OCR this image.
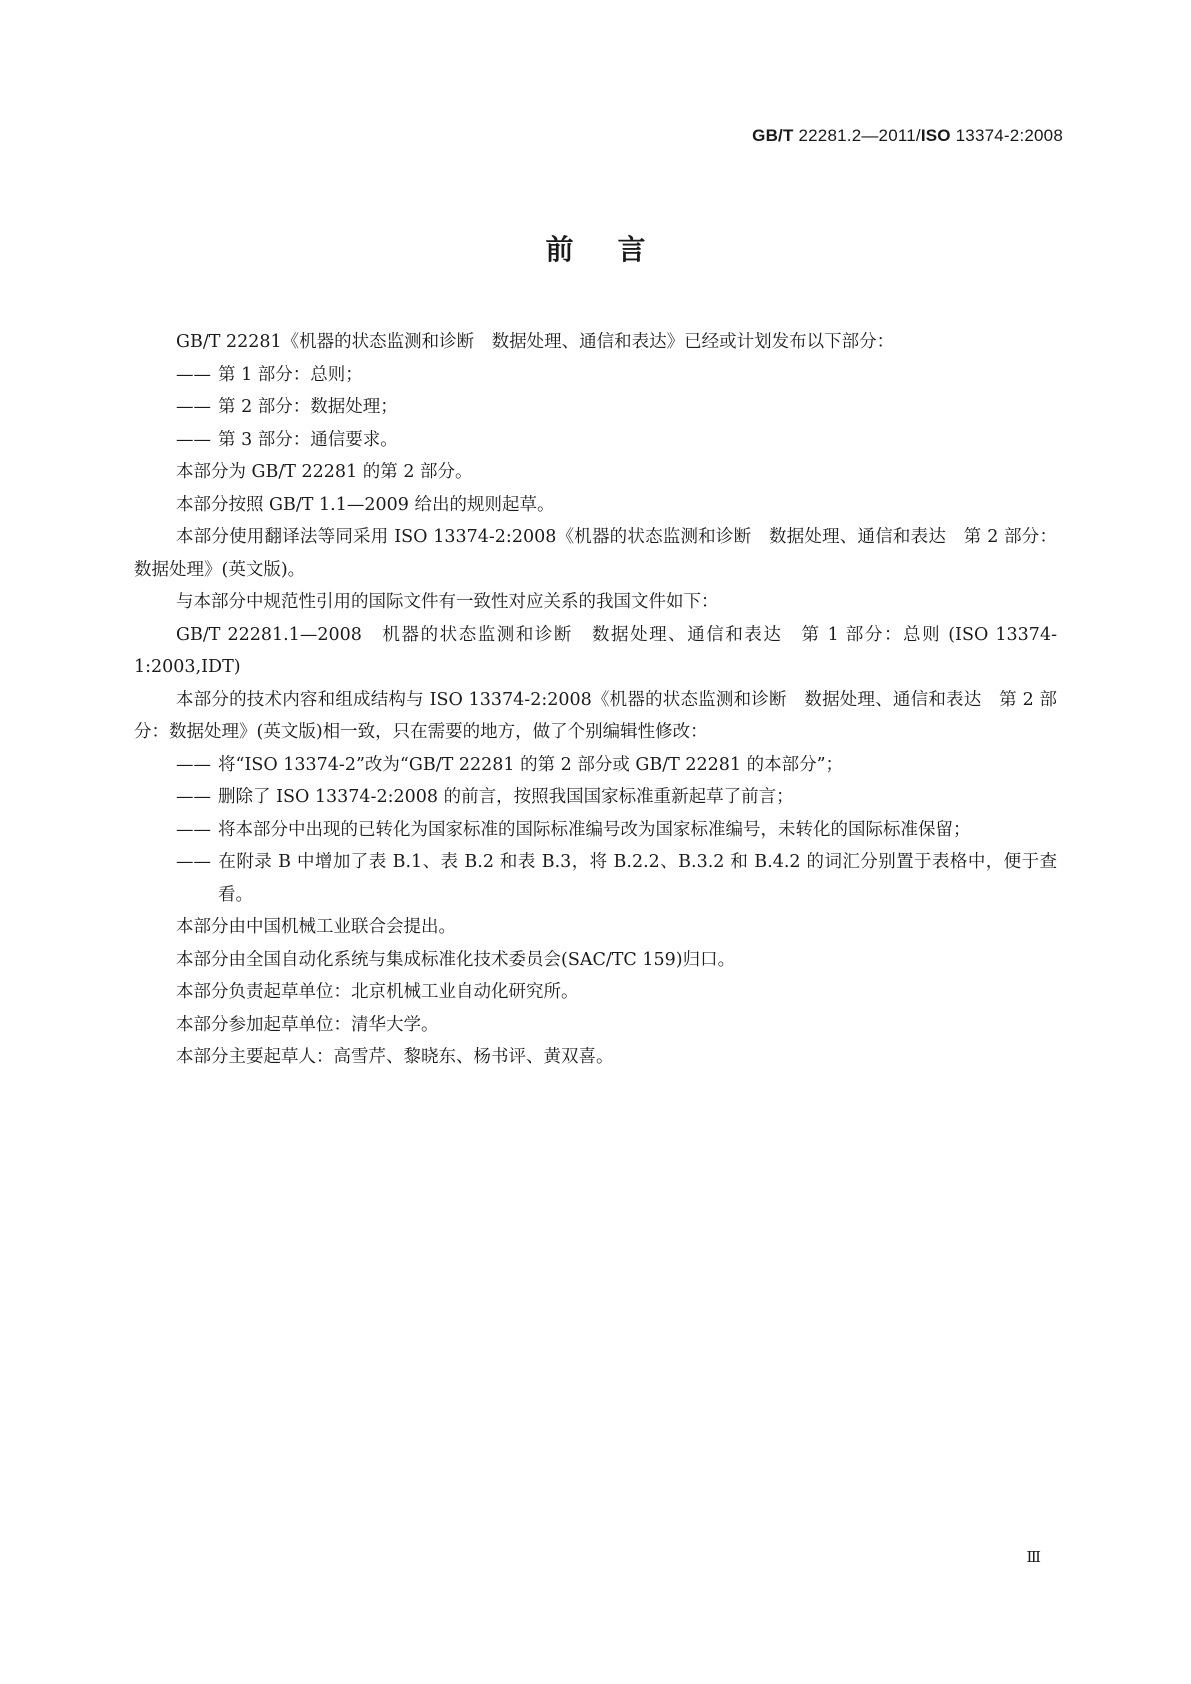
GB/T 22281.2—2011/ISO 13374-2:2008
前言

GB/T 22281《机器的状态监测和诊断　数据处理、通信和表达》已经或计划发布以下部分：

—— 第 1 部分：总则；

—— 第 2 部分：数据处理；

—— 第 3 部分：通信要求。

本部分为 GB/T 22281 的第 2 部分。

本部分按照 GB/T 1.1—2009 给出的规则起草。

本部分使用翻译法等同采用 ISO 13374-2:2008《机器的状态监测和诊断　数据处理、通信和表达　第 2 部分：数据处理》(英文版)。

与本部分中规范性引用的国际文件有一致性对应关系的我国文件如下：

GB/T 22281.1—2008　机器的状态监测和诊断　数据处理、通信和表达　第 1 部分：总则 (ISO 13374-1:2003,IDT)

本部分的技术内容和组成结构与 ISO 13374-2:2008《机器的状态监测和诊断　数据处理、通信和表达　第 2 部分：数据处理》(英文版)相一致，只在需要的地方，做了个别编辑性修改：

—— 将“ISO 13374-2”改为“GB/T 22281 的第 2 部分或 GB/T 22281 的本部分”；

—— 删除了 ISO 13374-2:2008 的前言，按照我国国家标准重新起草了前言；

—— 将本部分中出现的已转化为国家标准的国际标准编号改为国家标准编号，未转化的国际标准保留；

—— 在附录 B 中增加了表 B.1、表 B.2 和表 B.3，将 B.2.2、B.3.2 和 B.4.2 的词汇分别置于表格中，便于查看。

本部分由中国机械工业联合会提出。

本部分由全国自动化系统与集成标准化技术委员会(SAC/TC 159)归口。

本部分负责起草单位：北京机械工业自动化研究所。

本部分参加起草单位：清华大学。

本部分主要起草人：高雪芹、黎晓东、杨书评、黄双喜。

Ⅲ
